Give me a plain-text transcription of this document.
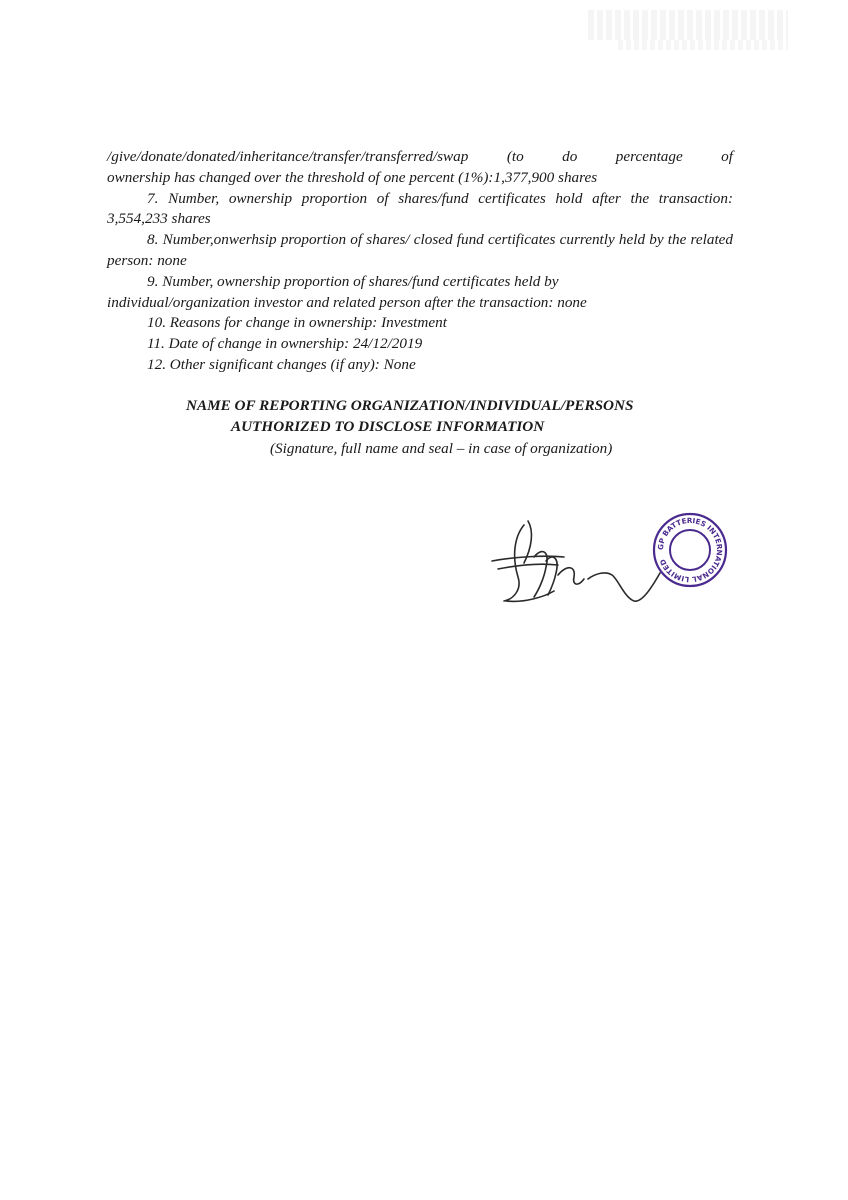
/give/donate/donated/inheritance/transfer/transferred/swap (to do percentage of

ownership has changed over the threshold of one percent (1%):1,377,900 shares

7. Number, ownership proportion of shares/fund certificates hold after the transaction: 3,554,233 shares

8. Number,onwerhsip proportion of shares/ closed fund certificates currently held by the related person: none

9. Number, ownership proportion of shares/fund certificates held by

individual/organization investor and related person after the transaction: none

10. Reasons for change in ownership: Investment

11. Date of change in ownership: 24/12/2019

12. Other significant changes (if any): None

NAME OF REPORTING ORGANIZATION/INDIVIDUAL/PERSONS
AUTHORIZED TO DISCLOSE INFORMATION
(Signature, full name and seal – in case of organization)
GP BATTERIES INTERNATIONAL LIMITED
